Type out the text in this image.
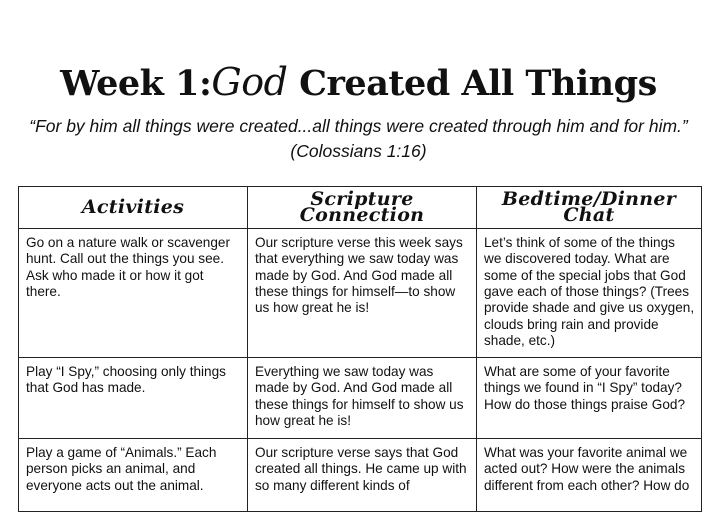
Week 1:God Created All Things
“For by him all things were created...all things were created through him and for him.” (Colossians 1:16)
Activities	Scripture Connection	Bedtime/Dinner Chat
Go on a nature walk or scavenger hunt. Call out the things you see. Ask who made it or how it got there.	Our scripture verse this week says that everything we saw today was made by God. And God made all these things for himself—to show us how great he is!	Let’s think of some of the things we discovered today. What are some of the special jobs that God gave each of those things? (Trees provide shade and give us oxygen, clouds bring rain and provide shade, etc.)
Play “I Spy,” choosing only things that God has made.	Everything we saw today was made by God. And God made all these things for himself to show us how great he is!	What are some of your favorite things we found in “I Spy” today? How do those things praise God?
Play a game of “Animals.” Each person picks an animal, and everyone acts out the animal.	Our scripture verse says that God created all things. He came up with so many different kinds of	What was your favorite animal we acted out? How were the animals different from each other? How do
